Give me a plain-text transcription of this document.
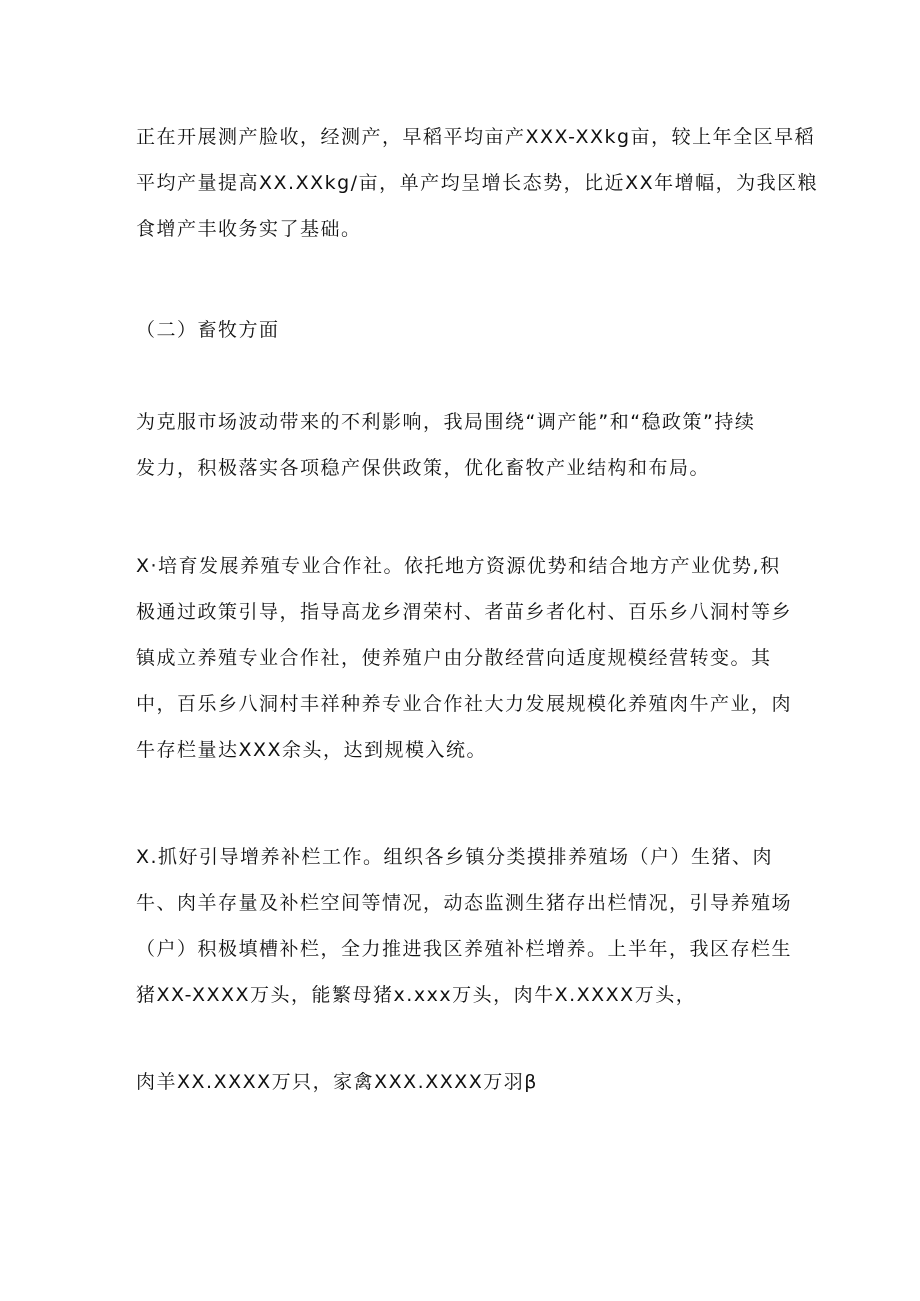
正在开展测产脸收，经测产，早稻平均亩产XXX-XXkg亩，较上年全区早稻
平均产量提高XX.XXkg/亩，单产均呈增长态势，比近XX年增幅，为我区粮
食增产丰收务实了基础。

（二）畜牧方面

为克服市场波动带来的不利影响，我局围绕“调产能”和“稳政策”持续
发力，积极落实各项稳产保供政策，优化畜牧产业结构和布局。

X·培育发展养殖专业合作社。依托地方资源优势和结合地方产业优势,积
极通过政策引导，指导高龙乡渭荣村、者苗乡者化村、百乐乡八洞村等乡
镇成立养殖专业合作社，使养殖户由分散经营向适度规模经营转变。其
中，百乐乡八洞村丰祥种养专业合作社大力发展规模化养殖肉牛产业，肉
牛存栏量达XXX余头，达到规模入统。

X.抓好引导增养补栏工作。组织各乡镇分类摸排养殖场（户）生猪、肉
牛、肉羊存量及补栏空间等情况，动态监测生猪存出栏情况，引导养殖场
（户）积极填槽补栏，全力推进我区养殖补栏增养。上半年，我区存栏生
猪XX-XXXX万头，能繁母猪x.xxx万头，肉牛X.XXXX万头，

肉羊XX.XXXX万只，家禽XXX.XXXX万羽β
